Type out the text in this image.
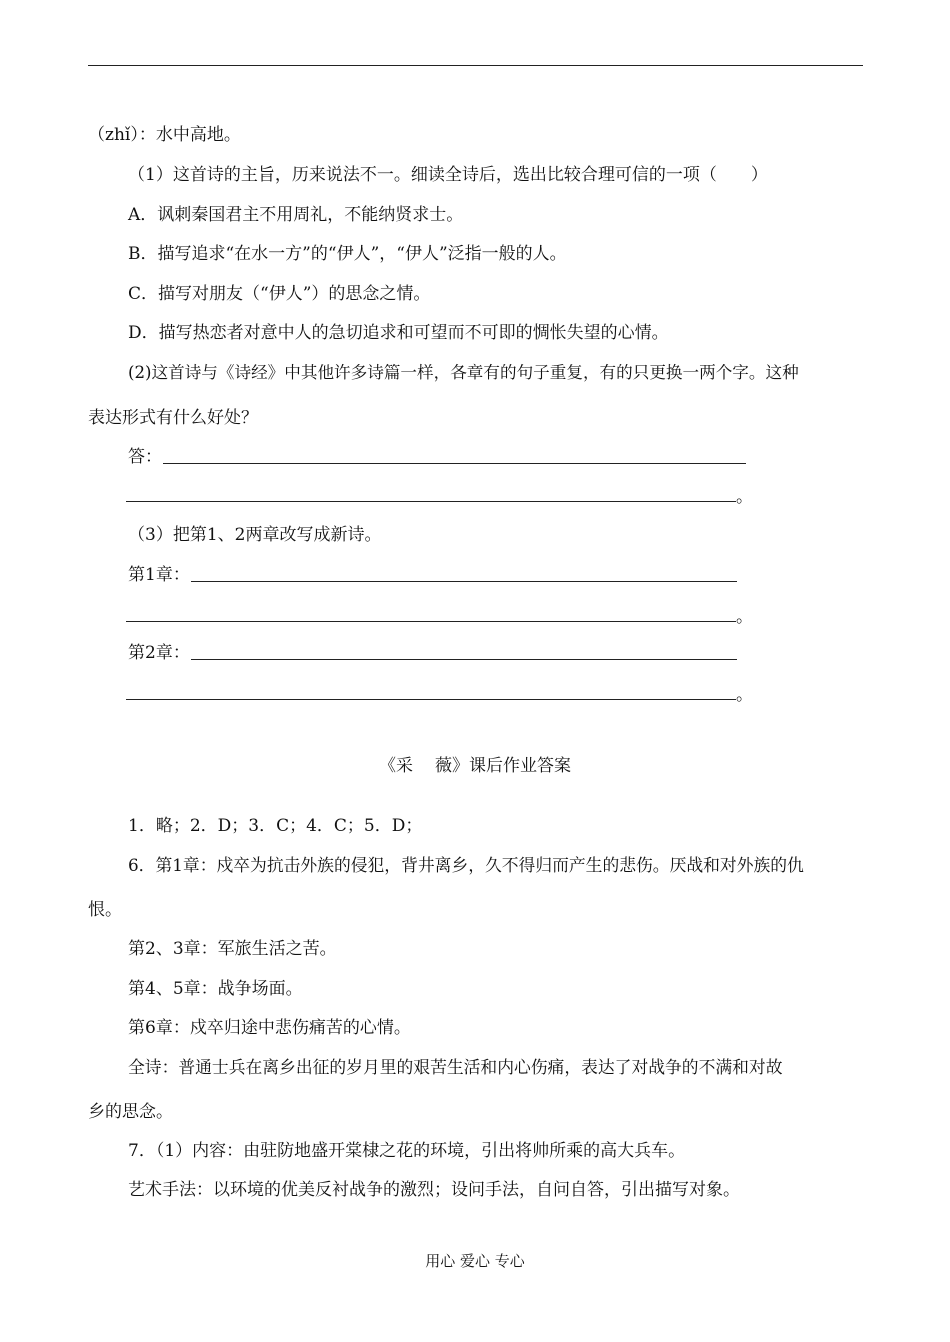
（zhǐ）：水中高地。
（1）这首诗的主旨，历来说法不一。细读全诗后，选出比较合理可信的一项（　　）
A．讽刺秦国君主不用周礼，不能纳贤求士。
B．描写追求“在水一方”的“伊人”，“伊人”泛指一般的人。
C．描写对朋友（“伊人”）的思念之情。
D．描写热恋者对意中人的急切追求和可望而不可即的惆怅失望的心情。
(2)这首诗与《诗经》中其他许多诗篇一样，各章有的句子重复，有的只更换一两个字。这种
表达形式有什么好处？
答：
。
（3）把第1、2两章改写成新诗。
第1章：
。
第2章：
。
《采 薇》课后作业答案
1．略；2．D；3．C；4．C；5．D；
6．第1章：戍卒为抗击外族的侵犯，背井离乡，久不得归而产生的悲伤。厌战和对外族的仇
恨。
第2、3章：军旅生活之苦。
第4、5章：战争场面。
第6章：戍卒归途中悲伤痛苦的心情。
全诗：普通士兵在离乡出征的岁月里的艰苦生活和内心伤痛，表达了对战争的不满和对故
乡的思念。
7．（1）内容：由驻防地盛开棠棣之花的环境，引出将帅所乘的高大兵车。
艺术手法：以环境的优美反衬战争的激烈；设问手法，自问自答，引出描写对象。
用心 爱心 专心
